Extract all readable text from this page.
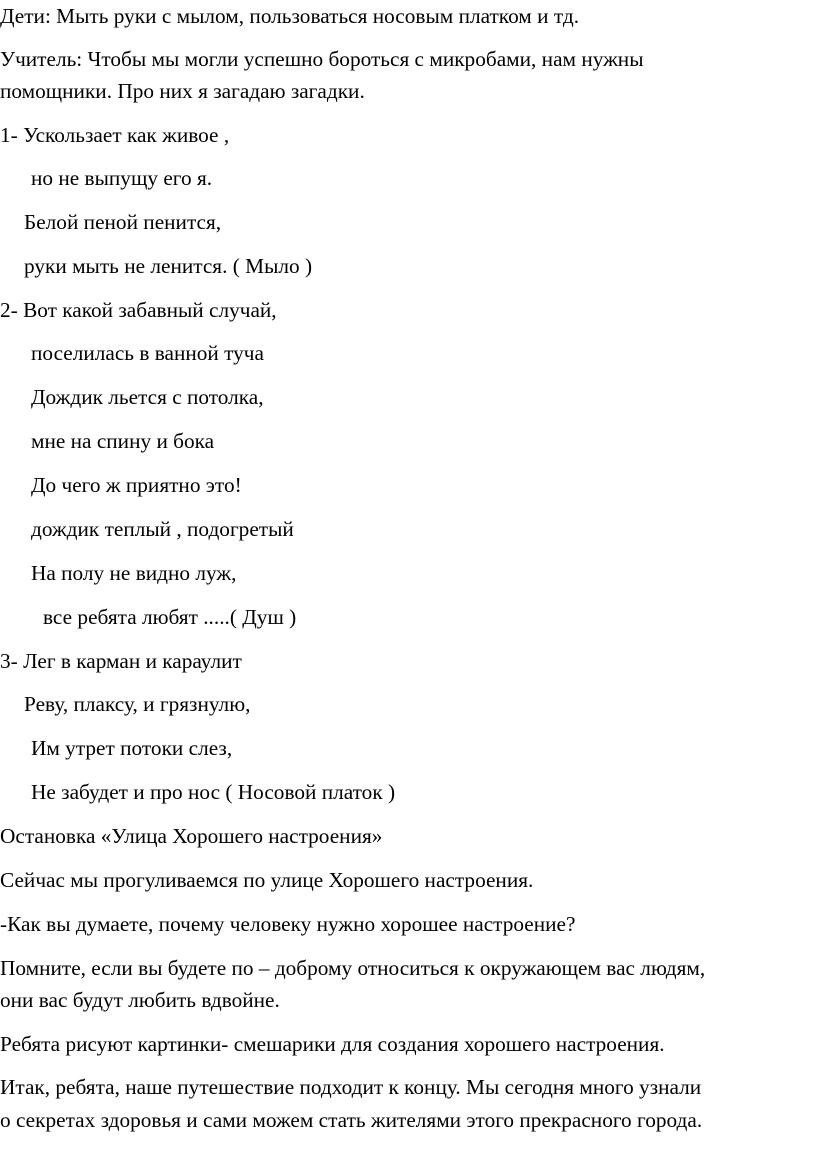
Дети: Мыть руки с мылом, пользоваться носовым платком и тд.
Учитель: Чтобы мы могли успешно бороться с микробами, нам нужны
помощники. Про них я загадаю загадки.
1- Ускользает как живое ,
но не выпущу его я.
Белой пеной пенится,
руки мыть не ленится. ( Мыло )
2- Вот какой забавный случай,
поселилась в ванной туча
Дождик льется с потолка,
мне на спину и бока
До чего ж приятно это!
дождик теплый , подогретый
На полу не видно луж,
все ребята любят .....( Душ )
3- Лег в карман и караулит
Реву, плаксу, и грязнулю,
Им утрет потоки слез,
Не забудет и про нос ( Носовой платок )
Остановка «Улица Хорошего настроения»
Сейчас мы прогуливаемся по улице Хорошего настроения.
-Как вы думаете, почему человеку нужно хорошее настроение?
Помните, если вы будете по – доброму относиться к окружающем вас людям,
они вас будут любить вдвойне.
Ребята рисуют картинки- смешарики для создания хорошего настроения.
Итак, ребята, наше путешествие подходит к концу. Мы сегодня много узнали
о секретах здоровья и сами можем стать жителями этого прекрасного города.
